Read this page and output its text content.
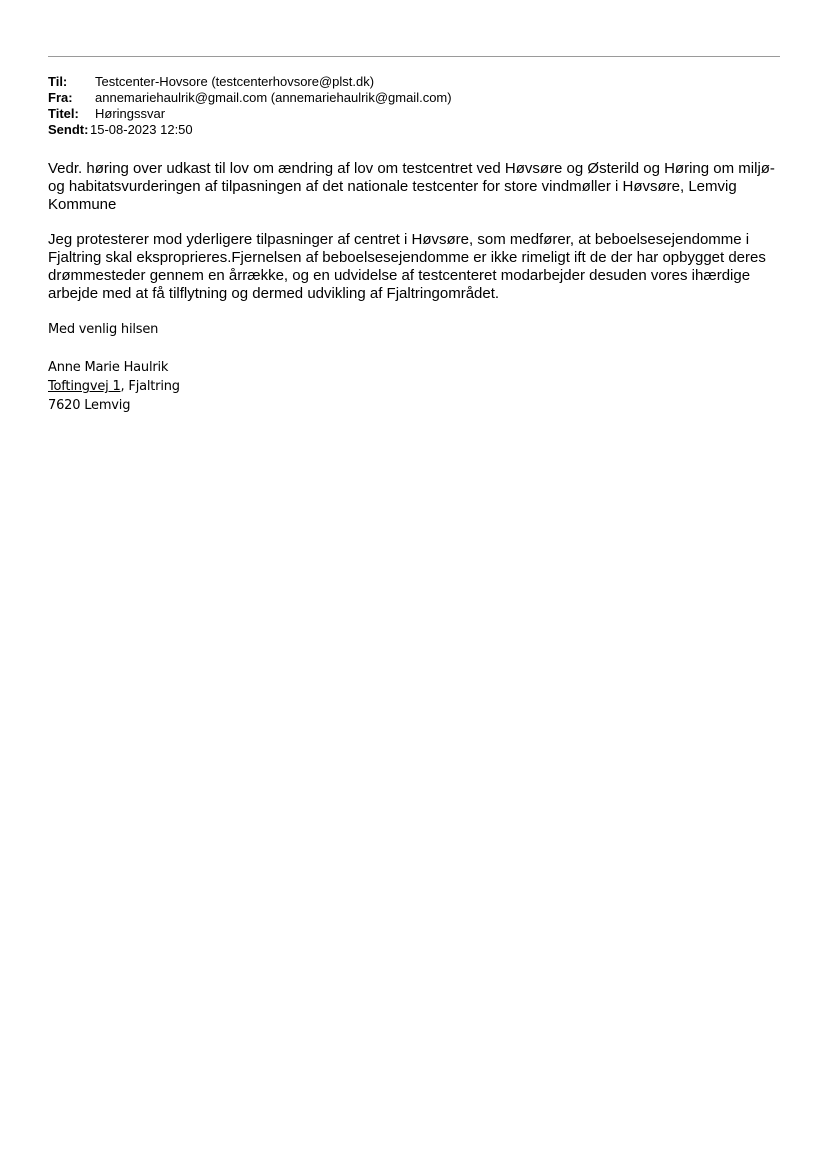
Til:	Testcenter-Hovsore (testcenterhovsore@plst.dk)
Fra:	annemariehaulrik@gmail.com (annemariehaulrik@gmail.com)
Titel:	Høringssvar
Sendt: 15-08-2023 12:50

Vedr. høring over udkast til lov om ændring af lov om testcentret ved Høvsøre og Østerild og Høring om miljø- og habitatsvurderingen af tilpasningen af det nationale testcenter for store vindmøller i Høvsøre, Lemvig Kommune

Jeg protesterer mod yderligere tilpasninger af centret i Høvsøre, som medfører, at beboelsesejendomme i Fjaltring skal eksproprieres.Fjernelsen af beboelsesejendomme er ikke rimeligt ift de der har opbygget deres drømmesteder gennem en årrække, og en udvidelse af testcenteret modarbejder desuden vores ihærdige arbejde med at få tilflytning og dermed udvikling af Fjaltringområdet.

Med venlig hilsen
Anne Marie Haulrik
Toftingvej 1, Fjaltring
7620 Lemvig
